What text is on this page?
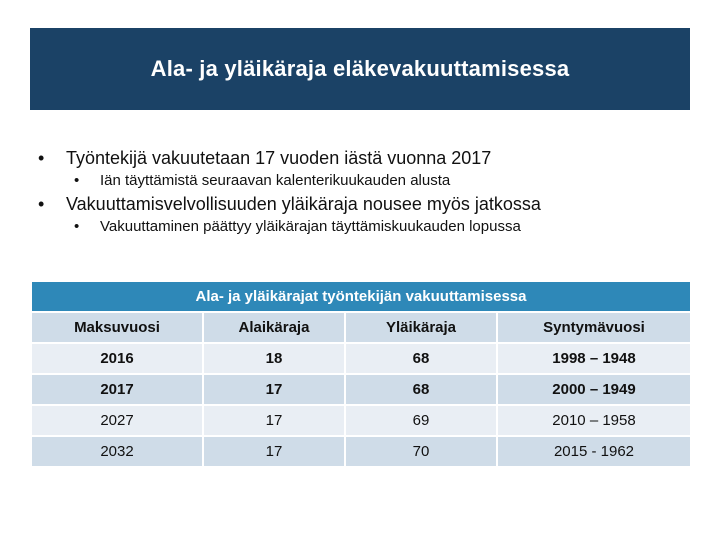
Ala- ja yläikäraja eläkevakuuttamisessa
• Työntekijä vakuutetaan 17 vuoden iästä vuonna 2017
• Iän täyttämistä seuraavan kalenterikuukauden alusta
• Vakuuttamisvelvollisuuden yläikäraja nousee myös jatkossa
• Vakuuttaminen päättyy yläikärajan täyttämiskuukauden lopussa
Ala- ja yläikärajat työntekijän vakuuttamisessa			
Maksuvuosi	Alaikäraja	Yläikäraja	Syntymävuosi
2016	18	68	1998 – 1948
2017	17	68	2000 – 1949
2027	17	69	2010 – 1958
2032	17	70	2015 - 1962
